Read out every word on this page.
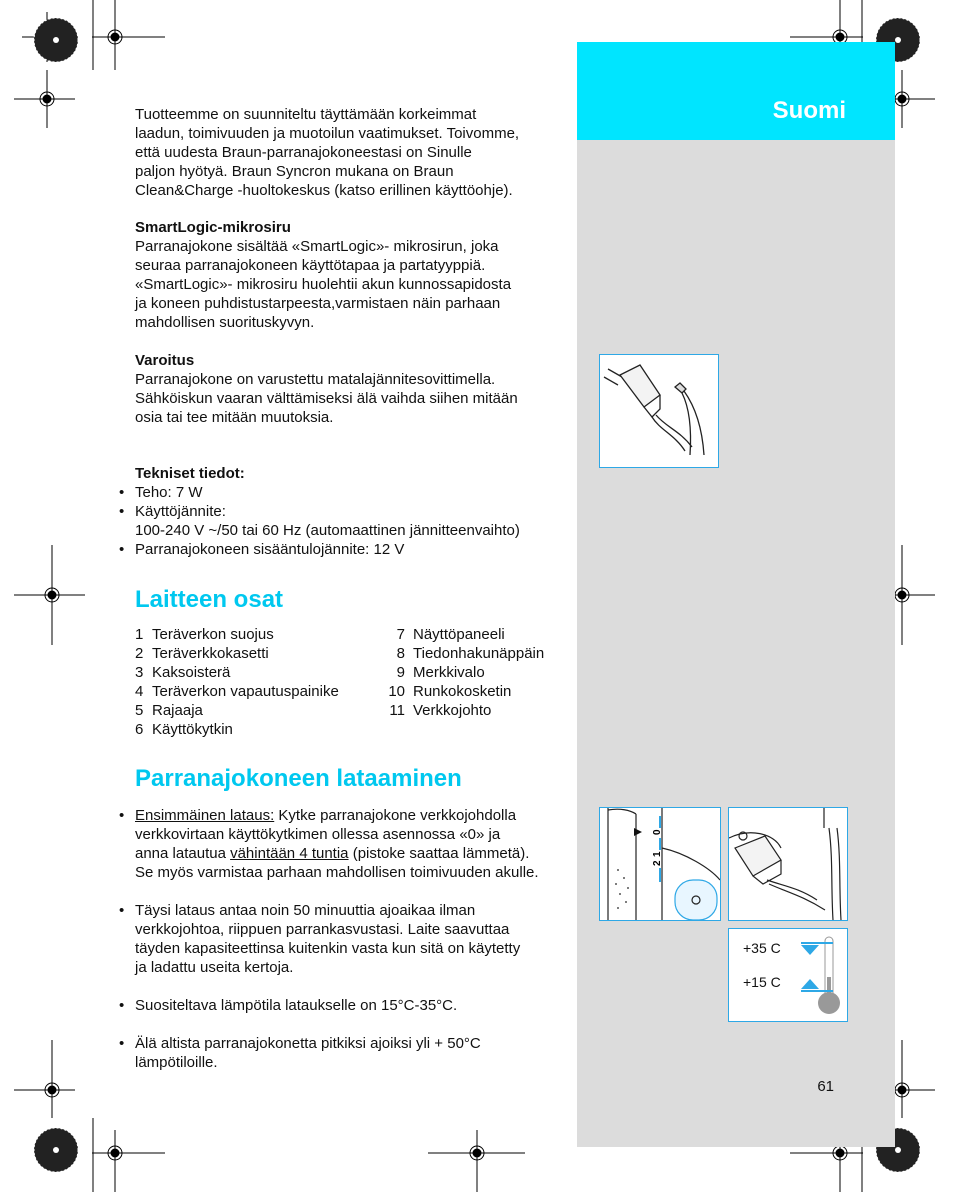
Suomi
Tuotteemme on suunniteltu täyttämään korkeimmat
laadun, toimivuuden ja muotoilun vaatimukset. Toivomme,
että uudesta Braun-parranajokoneestasi on Sinulle
paljon hyötyä. Braun Syncron mukana on Braun
Clean&Charge -huoltokeskus (katso erillinen käyttöohje).
SmartLogic-mikrosiru
Parranajokone sisältää «SmartLogic»- mikrosirun, joka
seuraa parranajokoneen käyttötapaa ja partatyyppiä.
«SmartLogic»- mikrosiru huolehtii akun kunnossapidosta
ja koneen puhdistustarpeesta,varmistaen näin parhaan
mahdollisen suorituskyvyn.
Varoitus
Parranajokone on varustettu matalajännitesovittimella.
Sähköiskun vaaran välttämiseksi älä vaihda siihen mitään
osia tai tee mitään muutoksia.
Tekniset tiedot:
• Teho: 7 W
• Käyttöjännite:
100-240 V ~/50 tai 60 Hz (automaattinen jännitteenvaihto)
• Parranajokoneen sisääntulojännite: 12 V
Laitteen osat
1 Teräverkon suojus
2 Teräverkkokasetti
3 Kaksoisterä
4 Teräverkon vapautuspainike
5 Rajaaja
6 Käyttökytkin
7 Näyttöpaneeli
8 Tiedonhakunäppäin
9 Merkkivalo
10 Runkokosketin
11 Verkkojohto
Parranajokoneen lataaminen
• Ensimmäinen lataus: Kytke parranajokone verkkojohdolla
verkkovirtaan käyttökytkimen ollessa asennossa «0» ja
anna latautua vähintään 4 tuntia (pistoke saattaa lämmetä).
Se myös varmistaa parhaan mahdollisen toimivuuden akulle.
• Täysi lataus antaa noin 50 minuuttia ajoaikaa ilman
verkkojohtoa, riippuen parrankasvustasi. Laite saavuttaa
täyden kapasiteettinsa kuitenkin vasta kun sitä on käytetty
ja ladattu useita kertoja.
• Suositeltava lämpötila lataukselle on 15°C-35°C.
• Älä altista parranajokonetta pitkiksi ajoiksi yli + 50°C
lämpötiloille.
0
1
2
+35 C
+15 C
61
